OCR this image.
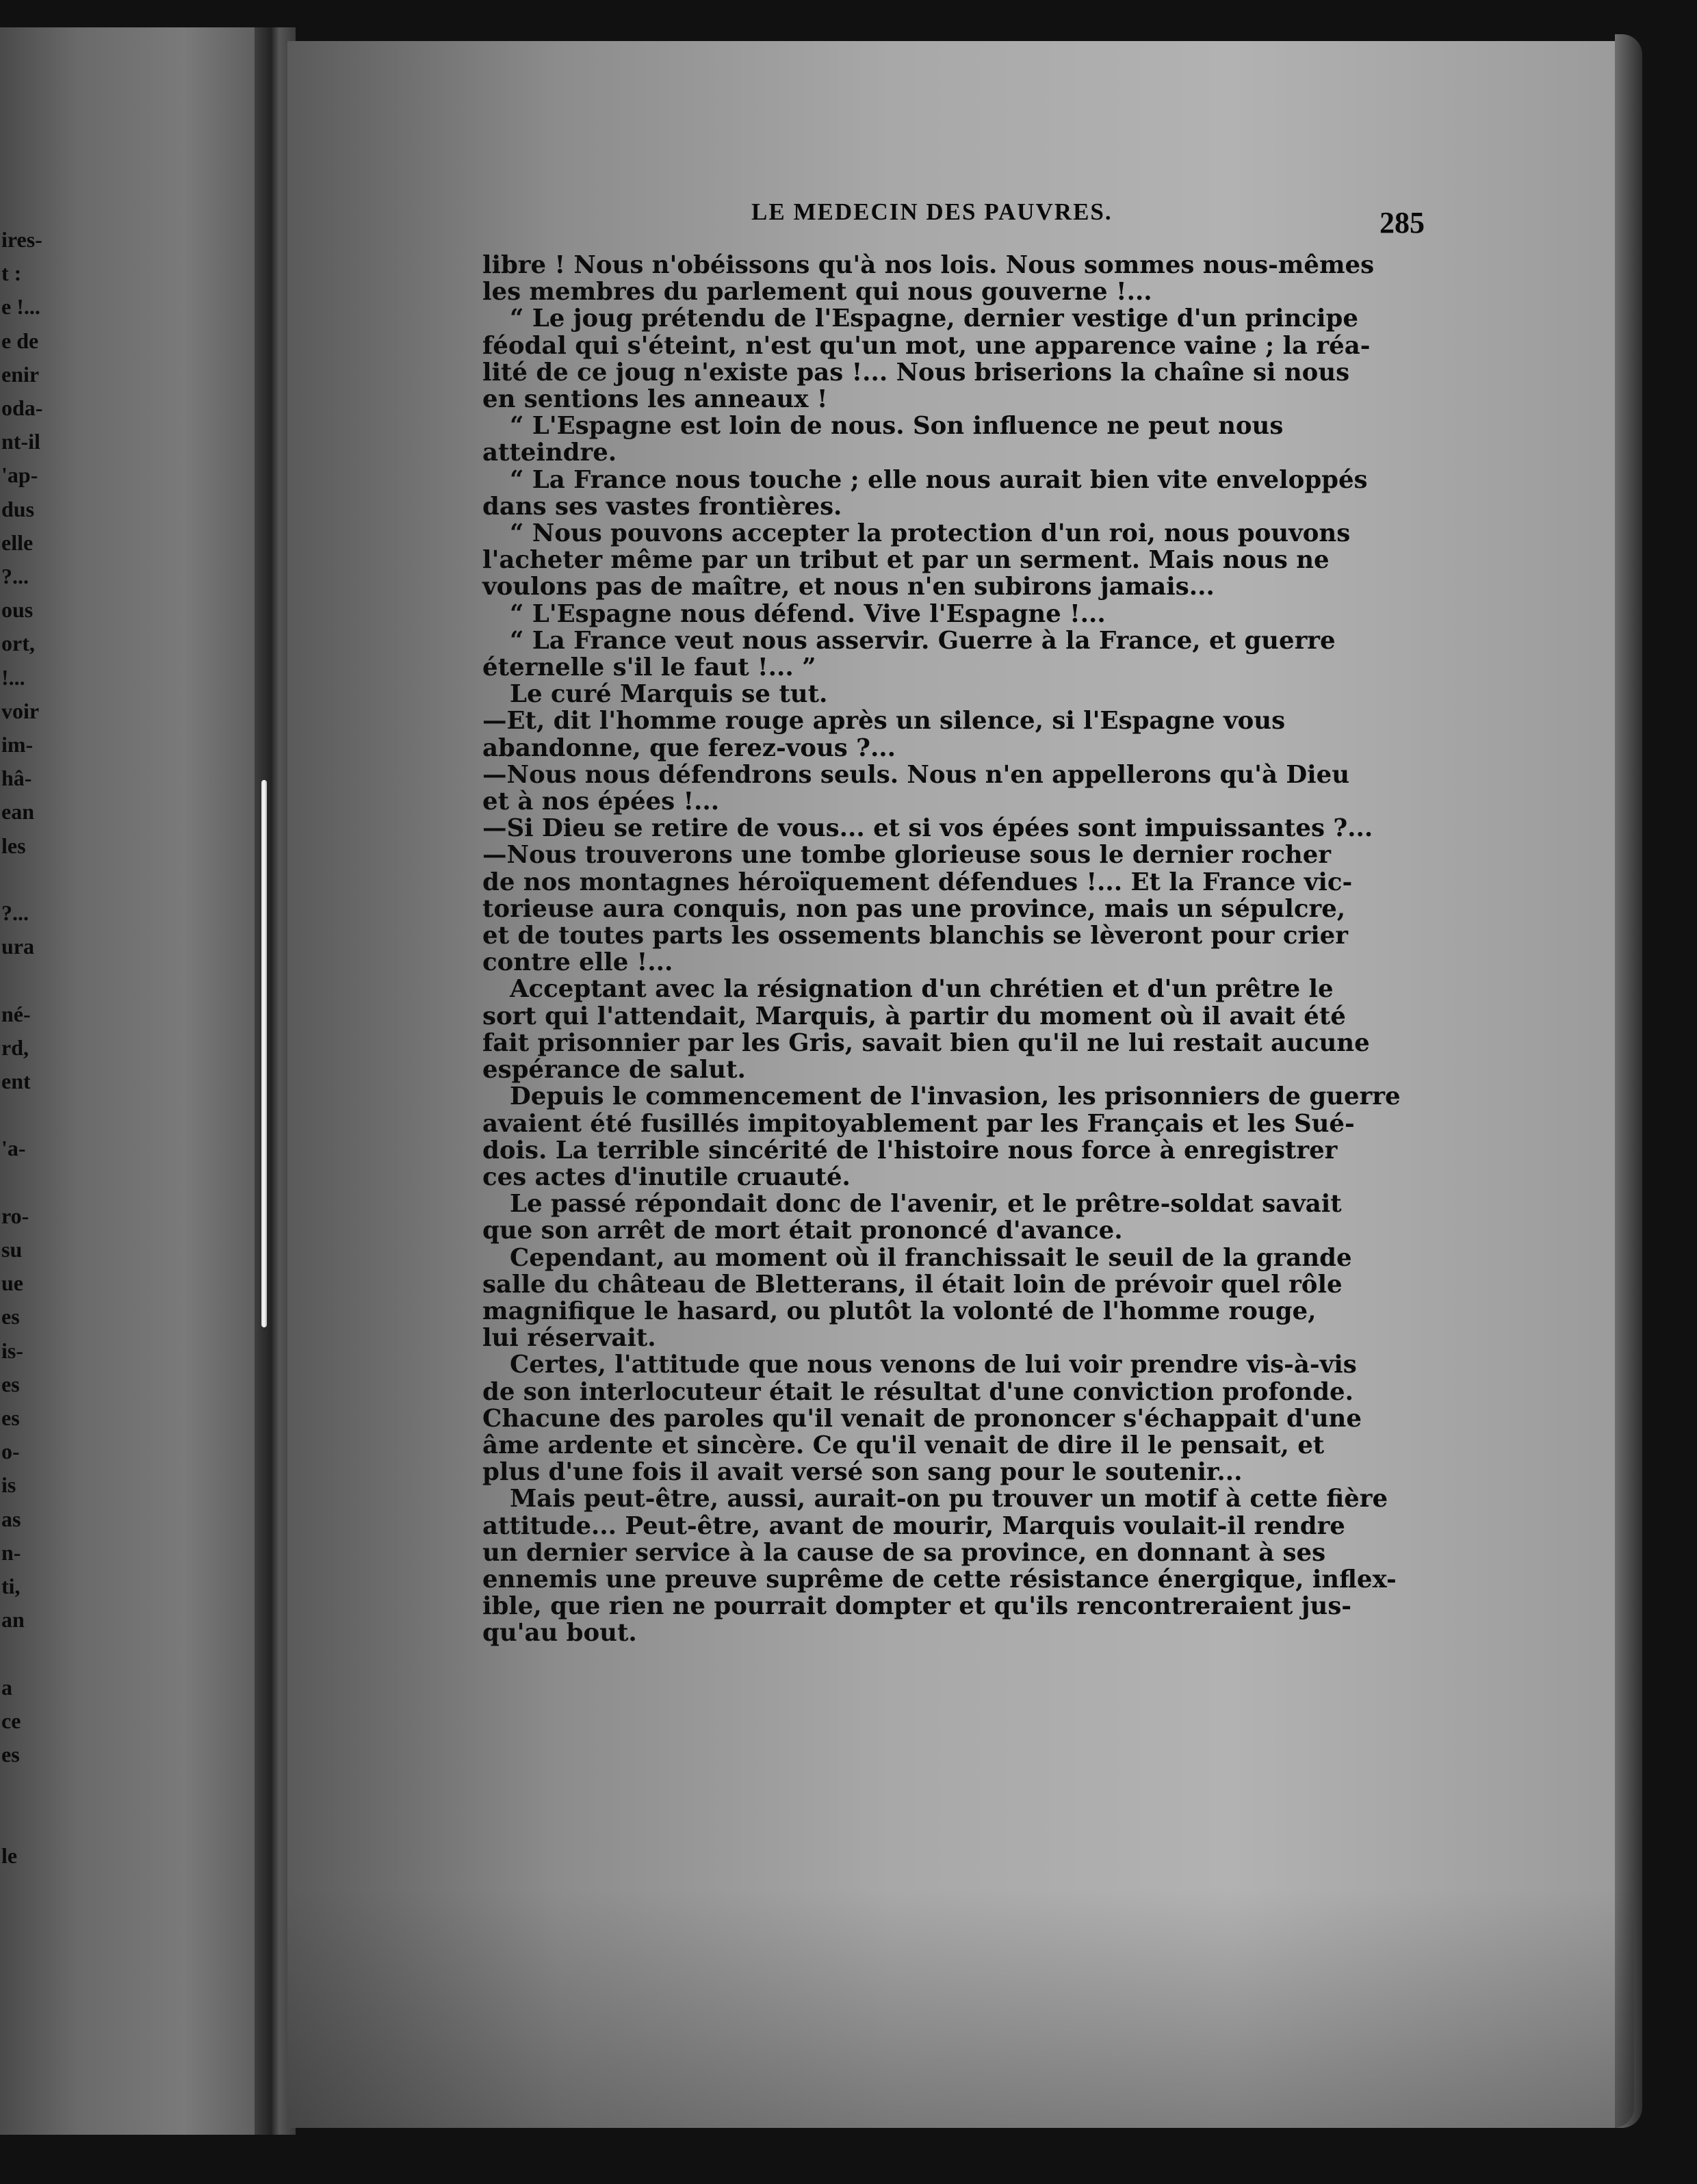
ires-
t :
e !...
e de
enir
oda-
nt-il
'ap-
dus
elle
?...
ous
ort,
!...
voir
im-
hâ-
ean
les
?...
ura
né-
rd,
ent
'a-
ro-
su
ue
es
is-
es
es
o-
is
as
n-
ti,
an
a
ce
es
le
LE MEDECIN DES PAUVRES.	285
libre ! Nous n'obéissons qu'à nos lois. Nous sommes nous-mêmes
les membres du parlement qui nous gouverne !...
“ Le joug prétendu de l'Espagne, dernier vestige d'un principe
féodal qui s'éteint, n'est qu'un mot, une apparence vaine ; la réa-
lité de ce joug n'existe pas !... Nous briserions la chaîne si nous
en sentions les anneaux !
“ L'Espagne est loin de nous. Son influence ne peut nous
atteindre.
“ La France nous touche ; elle nous aurait bien vite enveloppés
dans ses vastes frontières.
“ Nous pouvons accepter la protection d'un roi, nous pouvons
l'acheter même par un tribut et par un serment. Mais nous ne
voulons pas de maître, et nous n'en subirons jamais...
“ L'Espagne nous défend. Vive l'Espagne !...
“ La France veut nous asservir. Guerre à la France, et guerre
éternelle s'il le faut !... ”
Le curé Marquis se tut.
—Et, dit l'homme rouge après un silence, si l'Espagne vous
abandonne, que ferez-vous ?...
—Nous nous défendrons seuls. Nous n'en appellerons qu'à Dieu
et à nos épées !...
—Si Dieu se retire de vous... et si vos épées sont impuissantes ?...
—Nous trouverons une tombe glorieuse sous le dernier rocher
de nos montagnes héroïquement défendues !... Et la France vic-
torieuse aura conquis, non pas une province, mais un sépulcre,
et de toutes parts les ossements blanchis se lèveront pour crier
contre elle !...
Acceptant avec la résignation d'un chrétien et d'un prêtre le
sort qui l'attendait, Marquis, à partir du moment où il avait été
fait prisonnier par les Gris, savait bien qu'il ne lui restait aucune
espérance de salut.
Depuis le commencement de l'invasion, les prisonniers de guerre
avaient été fusillés impitoyablement par les Français et les Sué-
dois. La terrible sincérité de l'histoire nous force à enregistrer
ces actes d'inutile cruauté.
Le passé répondait donc de l'avenir, et le prêtre-soldat savait
que son arrêt de mort était prononcé d'avance.
Cependant, au moment où il franchissait le seuil de la grande
salle du château de Bletterans, il était loin de prévoir quel rôle
magnifique le hasard, ou plutôt la volonté de l'homme rouge,
lui réservait.
Certes, l'attitude que nous venons de lui voir prendre vis-à-vis
de son interlocuteur était le résultat d'une conviction profonde.
Chacune des paroles qu'il venait de prononcer s'échappait d'une
âme ardente et sincère. Ce qu'il venait de dire il le pensait, et
plus d'une fois il avait versé son sang pour le soutenir...
Mais peut-être, aussi, aurait-on pu trouver un motif à cette fière
attitude... Peut-être, avant de mourir, Marquis voulait-il rendre
un dernier service à la cause de sa province, en donnant à ses
ennemis une preuve suprême de cette résistance énergique, inflex-
ible, que rien ne pourrait dompter et qu'ils rencontreraient jus-
qu'au bout.
